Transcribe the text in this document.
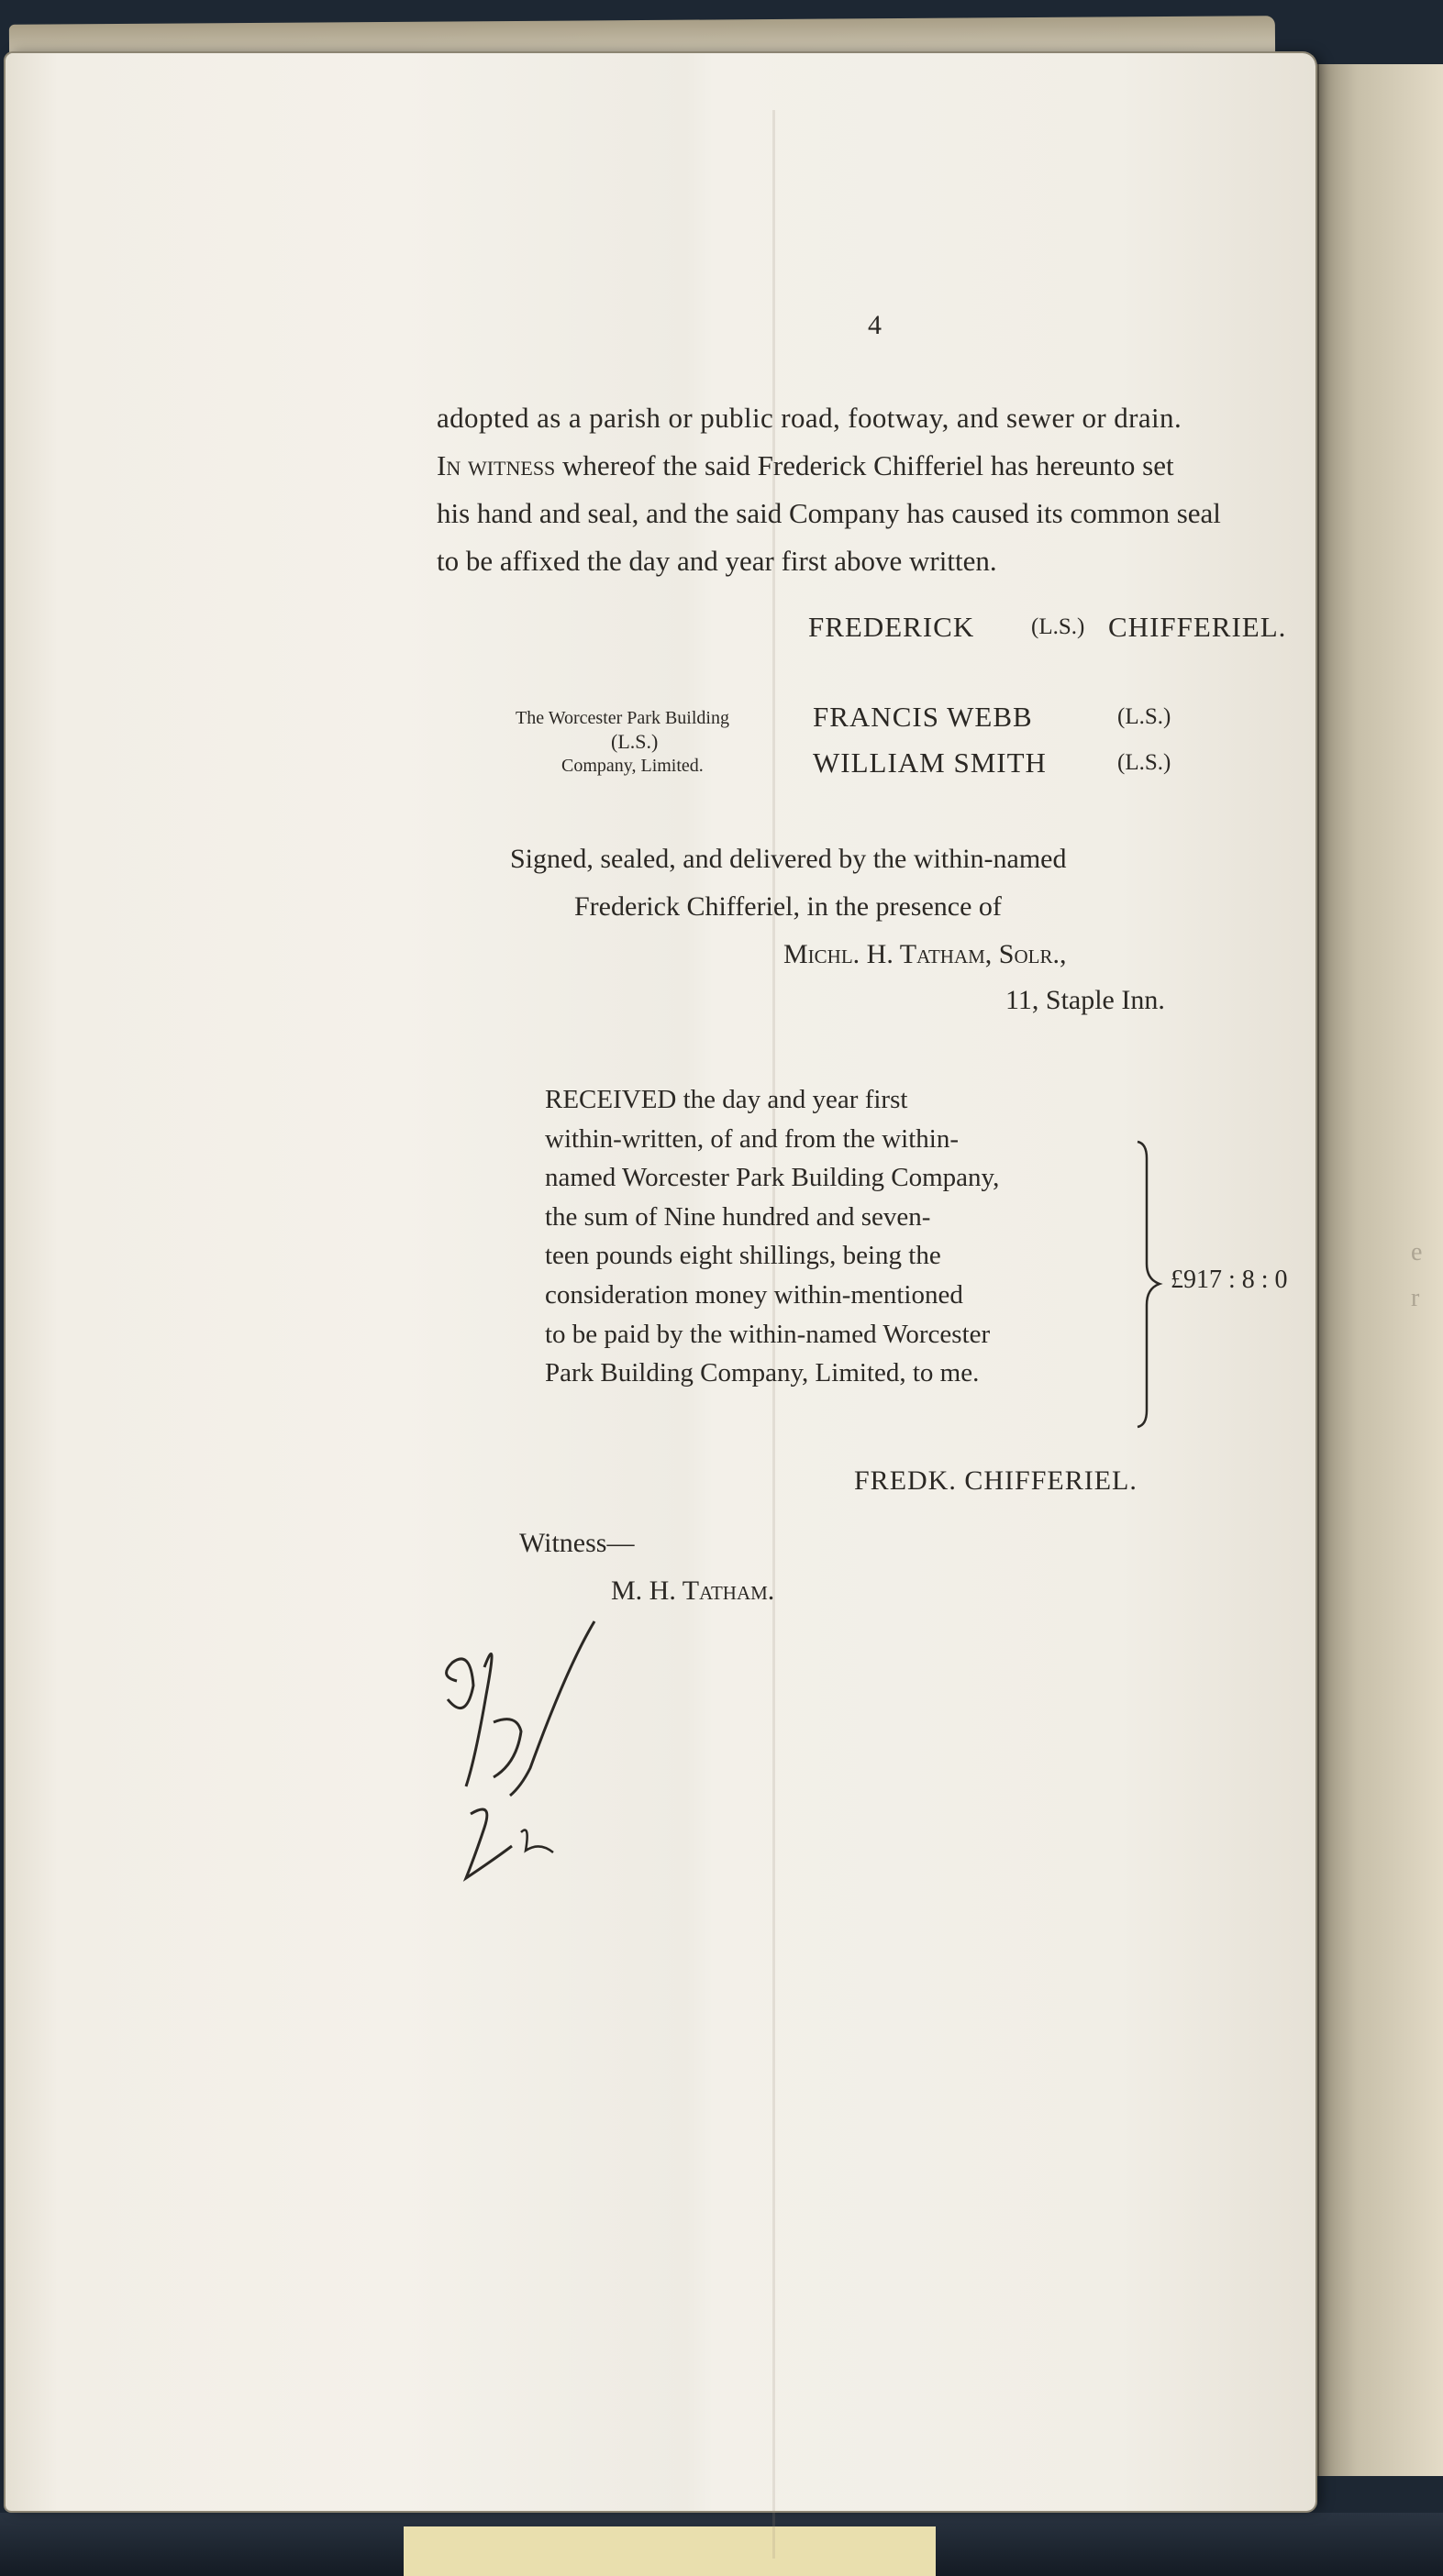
e
r
4
adopted as a parish or public road, footway, and sewer or drain.
In witness whereof the said Frederick Chifferiel has hereunto set
his hand and seal, and the said Company has caused its common seal
to be affixed the day and year first above written.
FREDERICK (L.S.) CHIFFERIEL.
The Worcester Park Building
(L.S.)
Company, Limited.
FRANCIS WEBB	(L.S.)
WILLIAM SMITH	(L.S.)
Signed, sealed, and delivered by the within-named
Frederick Chifferiel, in the presence of
Michl. H. Tatham, Solr.,
11, Staple Inn.
RECEIVED the day and year first
within-written, of and from the within-
named Worcester Park Building Company,
the sum of Nine hundred and seven-
teen pounds eight shillings, being the
consideration money within-mentioned
to be paid by the within-named Worcester
Park Building Company, Limited, to me.
£917 : 8 : 0
FREDK. CHIFFERIEL.
Witness—
M. H. Tatham.
